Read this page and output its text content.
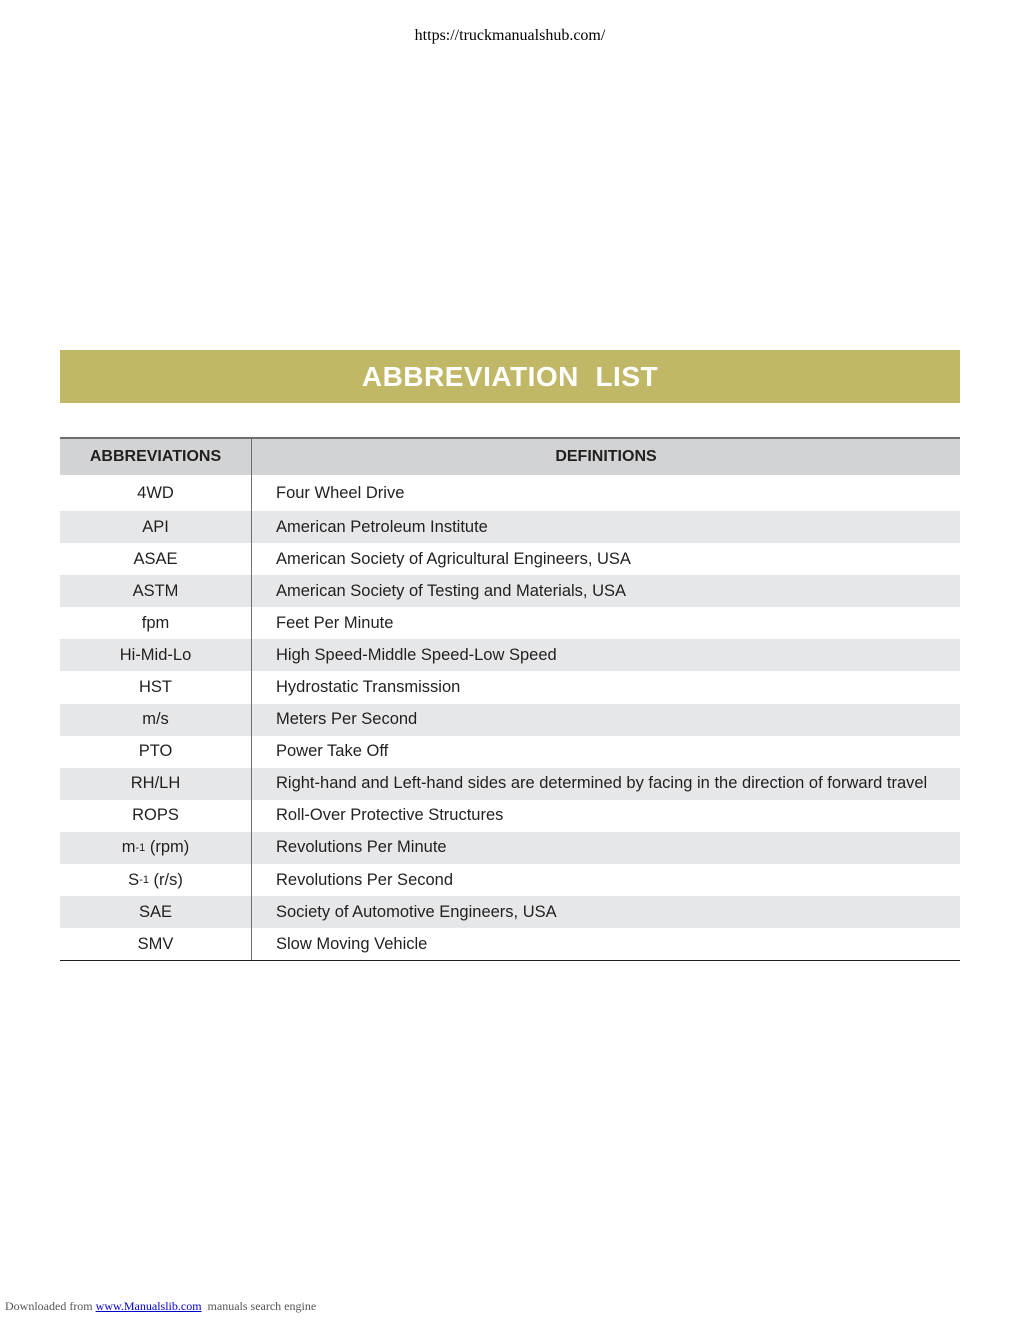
https://truckmanualshub.com/
ABBREVIATION  LIST
ABBREVIATIONS	DEFINITIONS
4WD	Four Wheel Drive
API	American Petroleum Institute
ASAE	American Society of Agricultural Engineers, USA
ASTM	American Society of Testing and Materials, USA
fpm	Feet Per Minute
Hi-Mid-Lo	High Speed-Middle Speed-Low Speed
HST	Hydrostatic Transmission
m/s	Meters Per Second
PTO	Power Take Off
RH/LH	Right-hand and Left-hand sides are determined by facing in the direction of forward travel
ROPS	Roll-Over Protective Structures
m -1 (rpm)	Revolutions Per Minute
S -1 (r/s)	Revolutions Per Second
SAE	Society of Automotive Engineers, USA
SMV	Slow Moving Vehicle
Downloaded from www.Manualslib.com  manuals search engine
